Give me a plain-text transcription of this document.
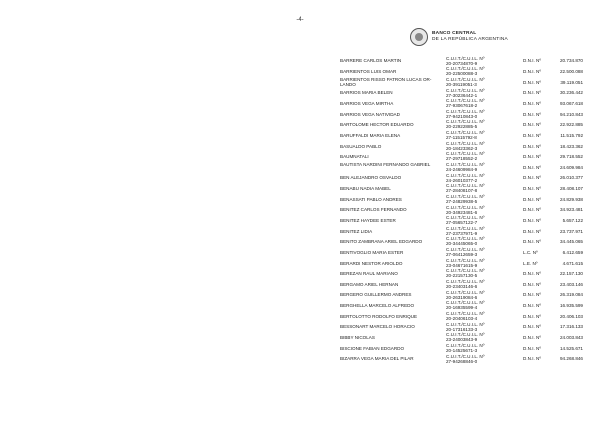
-4-
BANCO CENTRAL
DE LA REPÚBLICA ARGENTINA
BARRERE CARLOS MARTIN
C.U.I.T./C.U.I.L. Nº
20-20734870-9	D.N.I. Nº	20.734.870
BARRIENTOS LUIS OMAR
C.U.I.T./C.U.I.L. Nº
20-22500088-3	D.N.I. Nº	22.500.088
BARRIENTOS RISSO PATRON LUCAS OR-LANDO
C.U.I.T./C.U.I.L. Nº
20-39119051-3	D.N.I. Nº	39.119.051
BARRIOS MARIA BELEN
C.U.I.T./C.U.I.L. Nº
27-30236442-1	D.N.I. Nº	30.236.442
BARRIOS VEGA MIRTHA
C.U.I.T./C.U.I.L. Nº
27-93067618-2	D.N.I. Nº	93.067.618
BARRIOS VEGA NATIVIDAD
C.U.I.T./C.U.I.L. Nº
27-94210843-0	D.N.I. Nº	94.210.843
BARTOLOME HECTOR EDUARDO
C.U.I.T./C.U.I.L. Nº
20-22922885-5	D.N.I. Nº	22.922.885
BARUFFALDI MARIA ELENA
C.U.I.T./C.U.I.L. Nº
27-11515792-8	D.N.I. Nº	11.515.792
BASUALDO PABLO
C.U.I.T./C.U.I.L. Nº
20-18423362-3	D.N.I. Nº	18.423.362
BAUMNATALI
C.U.I.T./C.U.I.L. Nº
27-29718552-2	D.N.I. Nº	29.718.552
BAUTISTA NARDINI FERNANDO GABRIEL	C.U.I.T./C.U.I.L. Nº
24-24609984-9	D.N.I. Nº	24.609.984
BEN ALEJANDRO OSVALDO
C.U.I.T./C.U.I.L. Nº
24-26010377-2	D.N.I. Nº	26.010.377
BENABU NADIA MABEL
C.U.I.T./C.U.I.L. Nº
27-28408107-8	D.N.I. Nº	28.408.107
BENASSATI PABLO ANDRES
C.U.I.T./C.U.I.L. Nº
27-24829938-5	D.N.I. Nº	24.829.938
BENITEZ CARLOS FERNANDO
C.U.I.T./C.U.I.L. Nº
20-34923481-6	D.N.I. Nº	34.923.481
BENITEZ HAYDEE ESTER
C.U.I.T./C.U.I.L. Nº
27-05657122-7	D.N.I. Nº	5.657.122
BENITEZ LIDIA
C.U.I.T./C.U.I.L. Nº
27-23737971-9	D.N.I. Nº	23.737.971
BENITO ZAMBRANA ARIEL EDGARDO
C.U.I.T./C.U.I.L. Nº
20-34445065-0	D.N.I. Nº	34.445.065
BENTIVOGLIO MARIA ESTER
C.U.I.T./C.U.I.L. Nº
27-06412659-3	L.C. Nº	6.412.659
BERARDI NESTOR ARIOLDO
C.U.I.T./C.U.I.L. Nº
23-04671615-9	L.E. Nº	4.671.615
BEREZAN RAUL MARIANO
C.U.I.T./C.U.I.L. Nº
20-22157130-5	D.N.I. Nº	22.157.130
BERGAMO ARIEL HERNAN
C.U.I.T./C.U.I.L. Nº
20-23403146-6	D.N.I. Nº	23.403.146
BERGERO GUILLERMO ANDRES
C.U.I.T./C.U.I.L. Nº
20-26319084-6	D.N.I. Nº	26.319.084
BERGHELLA MARCELO ALFREDO
C.U.I.T./C.U.I.L. Nº
20-16935599-4	D.N.I. Nº	16.935.599
BERTOLOTTO RODOLFO ENRIQUE
C.U.I.T./C.U.I.L. Nº
20-20406103-4	D.N.I. Nº	20.406.103
BESSONART MARCELO HORACIO
C.U.I.T./C.U.I.L. Nº
20-17316133-3	D.N.I. Nº	17.316.133
BIBBY NICOLAS
C.U.I.T./C.U.I.L. Nº
23-24003843-9	D.N.I. Nº	24.003.843
BISCIONE FABIAN EDGARDO
C.U.I.T./C.U.I.L. Nº
20-14525671-3	D.N.I. Nº	14.525.671
BIZARRA VEGA MARIA DEL PILAR
C.U.I.T./C.U.I.L. Nº
27-94268846-0	D.N.I. Nº	94.268.846
